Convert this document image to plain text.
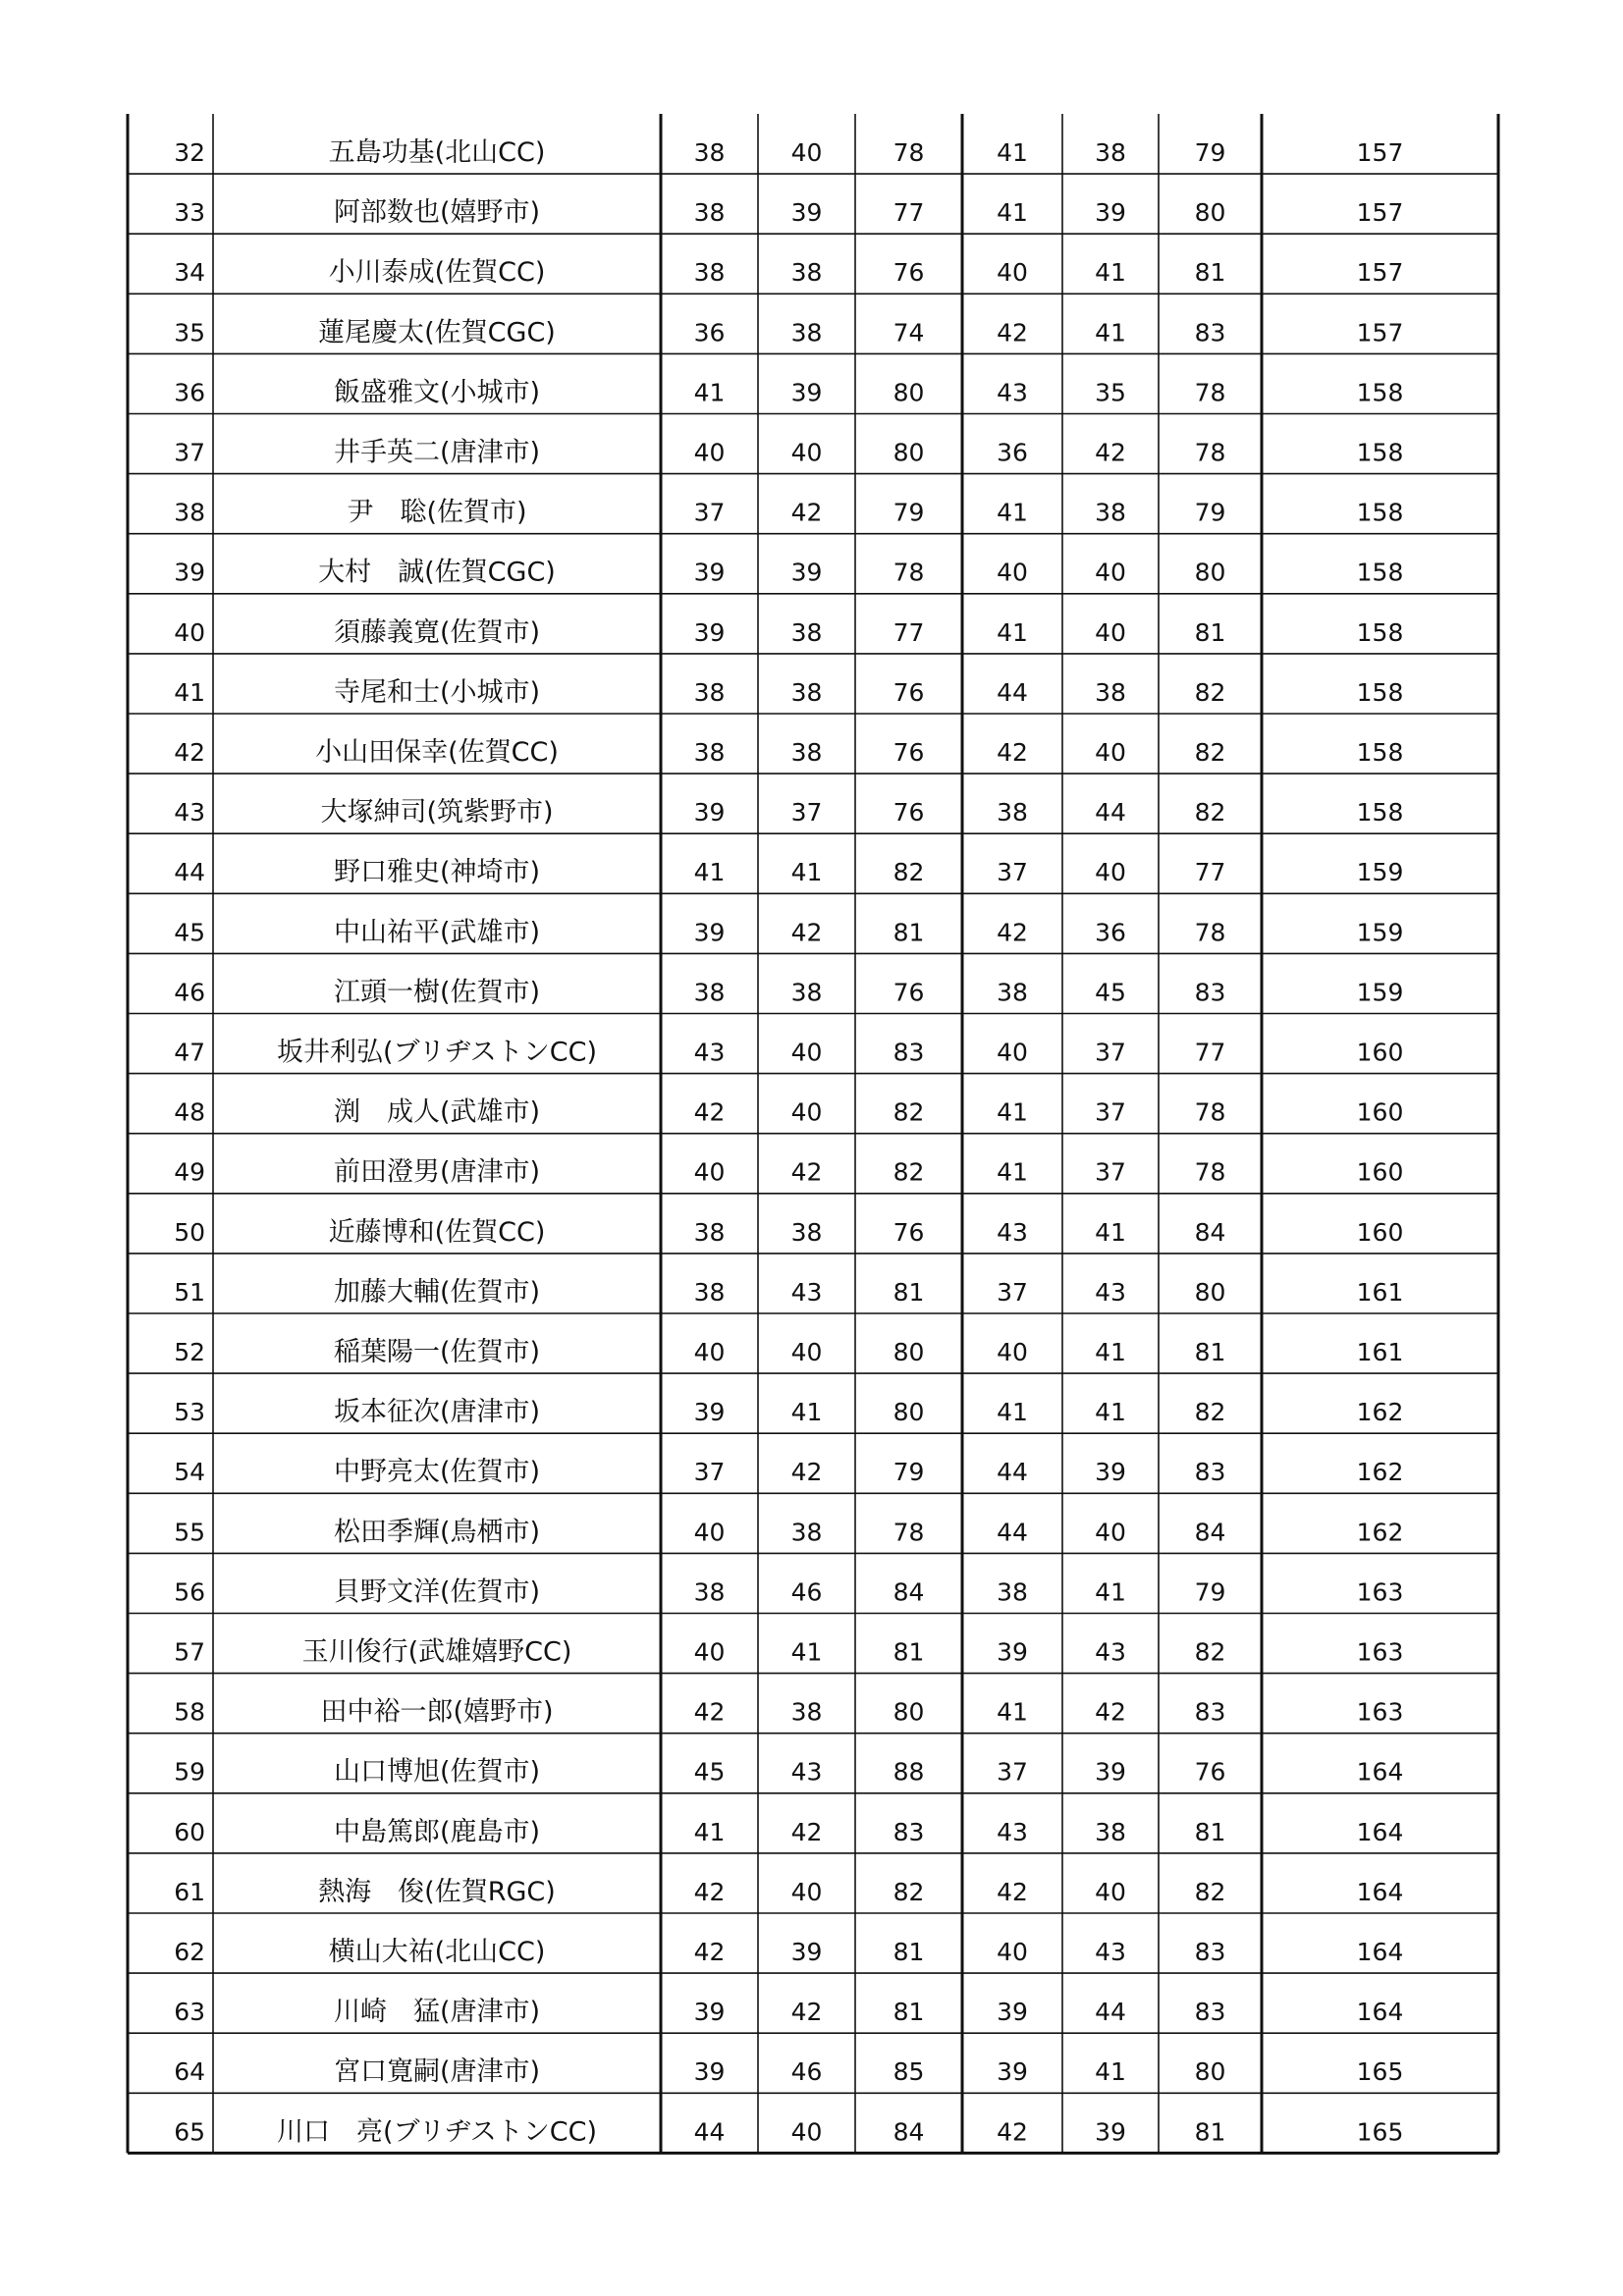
32	五島功基(北山CC)	38	40	78	41	38	79	157
33	阿部数也(嬉野市)	38	39	77	41	39	80	157
34	小川泰成(佐賀CC)	38	38	76	40	41	81	157
35	蓮尾慶太(佐賀CGC)	36	38	74	42	41	83	157
36	飯盛雅文(小城市)	41	39	80	43	35	78	158
37	井手英二(唐津市)	40	40	80	36	42	78	158
38	尹　聡(佐賀市)	37	42	79	41	38	79	158
39	大村　誠(佐賀CGC)	39	39	78	40	40	80	158
40	須藤義寛(佐賀市)	39	38	77	41	40	81	158
41	寺尾和士(小城市)	38	38	76	44	38	82	158
42	小山田保幸(佐賀CC)	38	38	76	42	40	82	158
43	大塚紳司(筑紫野市)	39	37	76	38	44	82	158
44	野口雅史(神埼市)	41	41	82	37	40	77	159
45	中山祐平(武雄市)	39	42	81	42	36	78	159
46	江頭一樹(佐賀市)	38	38	76	38	45	83	159
47	坂井利弘(ブリヂストンCC)	43	40	83	40	37	77	160
48	渕　成人(武雄市)	42	40	82	41	37	78	160
49	前田澄男(唐津市)	40	42	82	41	37	78	160
50	近藤博和(佐賀CC)	38	38	76	43	41	84	160
51	加藤大輔(佐賀市)	38	43	81	37	43	80	161
52	稲葉陽一(佐賀市)	40	40	80	40	41	81	161
53	坂本征次(唐津市)	39	41	80	41	41	82	162
54	中野亮太(佐賀市)	37	42	79	44	39	83	162
55	松田季輝(鳥栖市)	40	38	78	44	40	84	162
56	貝野文洋(佐賀市)	38	46	84	38	41	79	163
57	玉川俊行(武雄嬉野CC)	40	41	81	39	43	82	163
58	田中裕一郎(嬉野市)	42	38	80	41	42	83	163
59	山口博旭(佐賀市)	45	43	88	37	39	76	164
60	中島篤郎(鹿島市)	41	42	83	43	38	81	164
61	熱海　俊(佐賀RGC)	42	40	82	42	40	82	164
62	横山大祐(北山CC)	42	39	81	40	43	83	164
63	川崎　猛(唐津市)	39	42	81	39	44	83	164
64	宮口寛嗣(唐津市)	39	46	85	39	41	80	165
65	川口　亮(ブリヂストンCC)	44	40	84	42	39	81	165
